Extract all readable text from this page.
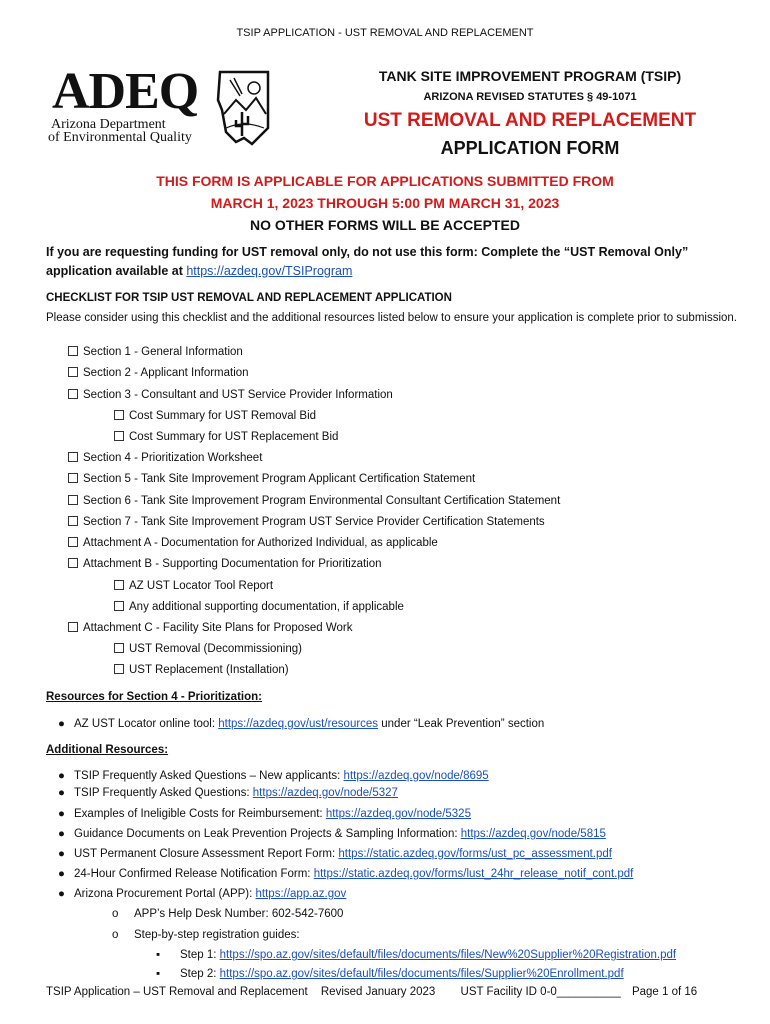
TSIP APPLICATION - UST REMOVAL AND REPLACEMENT
ADEQ
Arizona Department
of Environmental Quality
TANK SITE IMPROVEMENT PROGRAM (TSIP)
ARIZONA REVISED STATUTES § 49-1071
UST REMOVAL AND REPLACEMENT
APPLICATION FORM
THIS FORM IS APPLICABLE FOR APPLICATIONS SUBMITTED FROM
MARCH 1, 2023 THROUGH 5:00 PM MARCH 31, 2023
NO OTHER FORMS WILL BE ACCEPTED
If you are requesting funding for UST removal only, do not use this form: Complete the “UST Removal Only” application available at https://azdeq.gov/TSIProgram
CHECKLIST FOR TSIP UST REMOVAL AND REPLACEMENT APPLICATION
Please consider using this checklist and the additional resources listed below to ensure your application is complete prior to submission.
Section 1 - General Information
Section 2 - Applicant Information
Section 3 - Consultant and UST Service Provider Information
Cost Summary for UST Removal Bid
Cost Summary for UST Replacement Bid
Section 4 - Prioritization Worksheet
Section 5 - Tank Site Improvement Program Applicant Certification Statement
Section 6 - Tank Site Improvement Program Environmental Consultant Certification Statement
Section 7 - Tank Site Improvement Program UST Service Provider Certification Statements
Attachment A - Documentation for Authorized Individual, as applicable
Attachment B - Supporting Documentation for Prioritization
AZ UST Locator Tool Report
Any additional supporting documentation, if applicable
Attachment C - Facility Site Plans for Proposed Work
UST Removal (Decommissioning)
UST Replacement (Installation)
Resources for Section 4 - Prioritization:
● AZ UST Locator online tool: https://azdeq.gov/ust/resources under “Leak Prevention” section
Additional Resources:
● TSIP Frequently Asked Questions – New applicants: https://azdeq.gov/node/8695
● TSIP Frequently Asked Questions: https://azdeq.gov/node/5327
● Examples of Ineligible Costs for Reimbursement: https://azdeq.gov/node/5325
● Guidance Documents on Leak Prevention Projects & Sampling Information: https://azdeq.gov/node/5815
● UST Permanent Closure Assessment Report Form: https://static.azdeq.gov/forms/ust_pc_assessment.pdf
● 24-Hour Confirmed Release Notification Form: https://static.azdeq.gov/forms/lust_24hr_release_notif_cont.pdf
● Arizona Procurement Portal (APP): https://app.az.gov
o APP’s Help Desk Number: 602-542-7600
o Step-by-step registration guides:
▪ Step 1: https://spo.az.gov/sites/default/files/documents/files/New%20Supplier%20Registration.pdf
▪ Step 2: https://spo.az.gov/sites/default/files/documents/files/Supplier%20Enrollment.pdf
TSIP Application – UST Removal and Replacement Revised January 2023 UST Facility ID 0-0__________ Page 1 of 16
